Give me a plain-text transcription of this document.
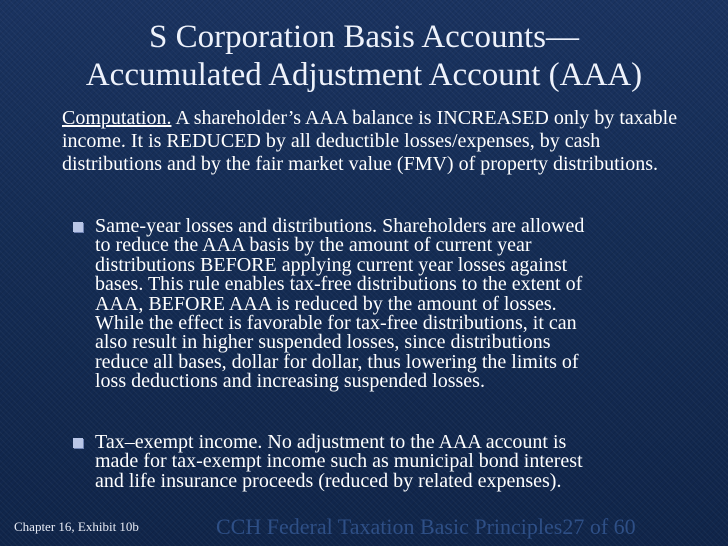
S Corporation Basis Accounts—
Accumulated Adjustment Account (AAA)

Computation. A shareholder’s AAA balance is INCREASED only by taxable income. It is REDUCED by all deductible losses/expenses, by cash distributions and by the fair market value (FMV) of property distributions.

Same-year losses and distributions. Shareholders are allowed
to reduce the AAA basis by the amount of current year
distributions BEFORE applying current year losses against
bases. This rule enables tax-free distributions to the extent of
AAA, BEFORE AAA is reduced by the amount of losses.
While the effect is favorable for tax-free distributions, it can
also result in higher suspended losses, since distributions
reduce all bases, dollar for dollar, thus lowering the limits of
loss deductions and increasing suspended losses.

Tax–exempt income. No adjustment to the AAA account is
made for tax-exempt income such as municipal bond interest
and life insurance proceeds (reduced by related expenses).

Chapter 16, Exhibit 10b	CCH Federal Taxation Basic Principles27 of 60
